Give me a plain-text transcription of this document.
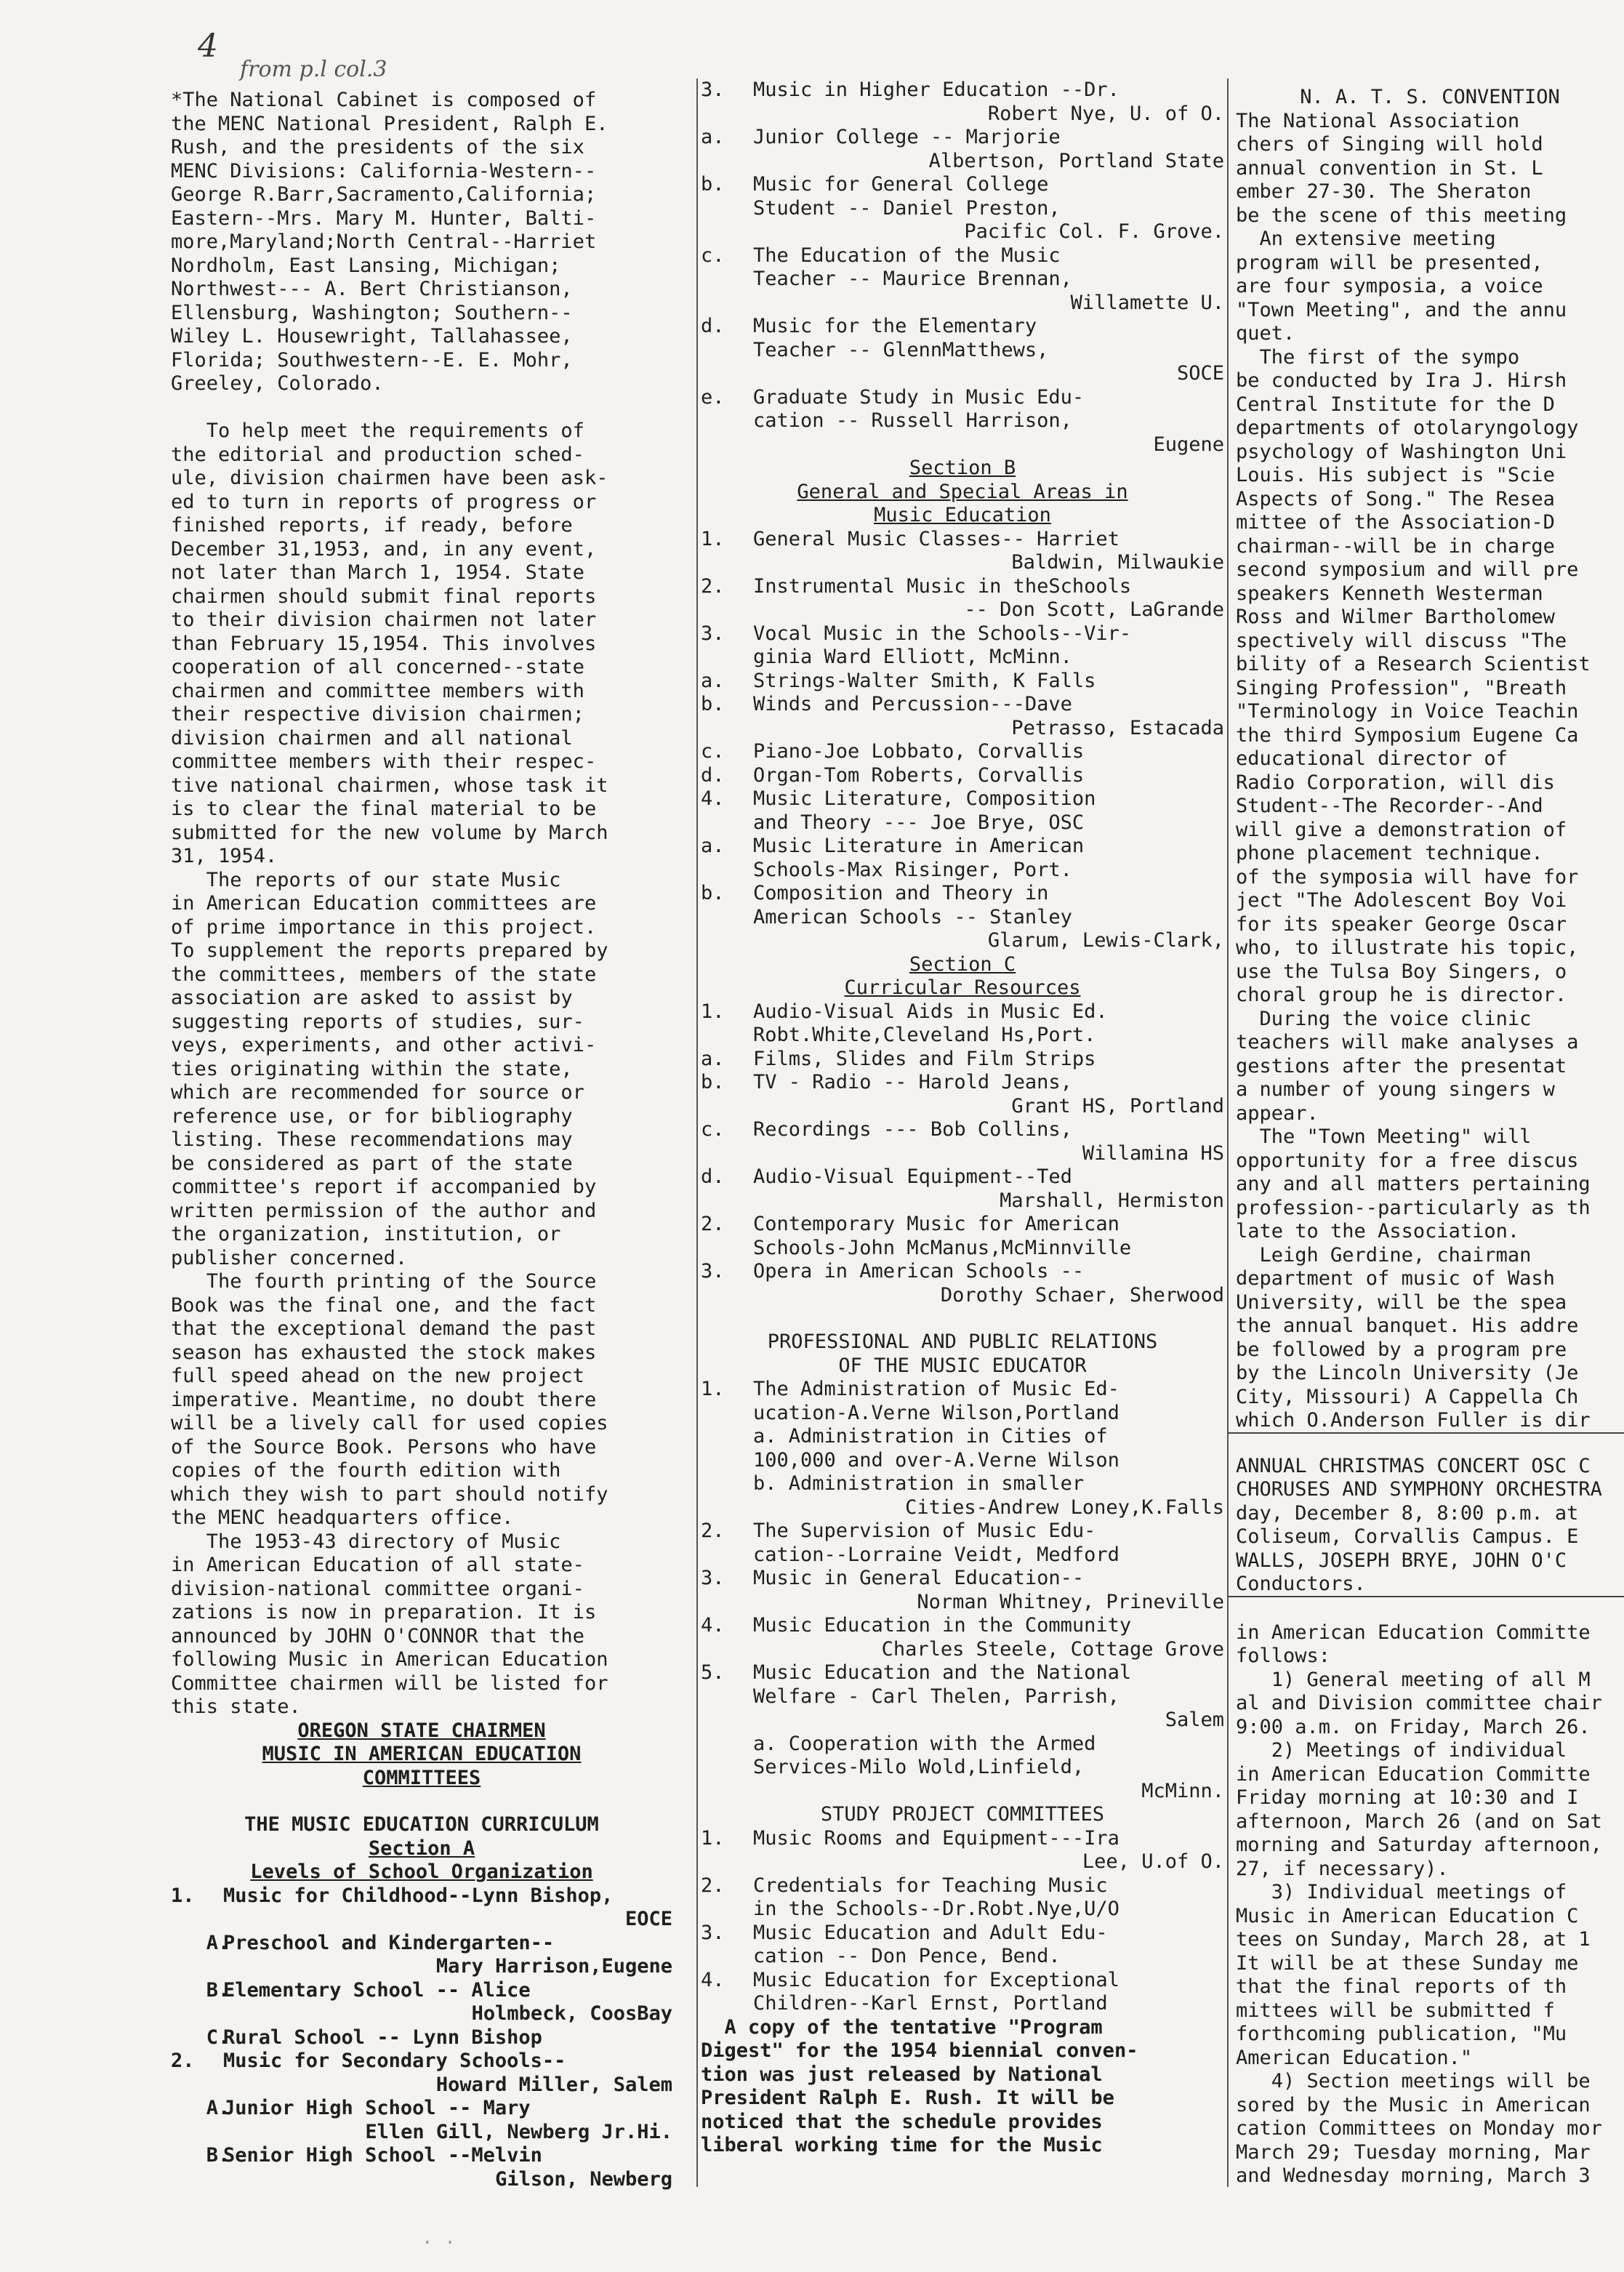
4
from p.l col.3
*The National Cabinet is composed of
the MENC National President, Ralph E.
Rush, and the presidents of the six
MENC Divisions: California-Western--
George R.Barr,Sacramento,California;
Eastern--Mrs. Mary M. Hunter, Balti-
more,Maryland;North Central--Harriet
Nordholm, East Lansing, Michigan;
Northwest--- A. Bert Christianson,
Ellensburg, Washington; Southern--
Wiley L. Housewright, Tallahassee,
Florida; Southwestern--E. E. Mohr,
Greeley, Colorado.

To help meet the requirements of
the editorial and production sched-
ule, division chairmen have been ask-
ed to turn in reports of progress or
finished reports, if ready, before
December 31,1953, and, in any event,
not later than March 1, 1954. State
chairmen should submit final reports
to their division chairmen not later
than February 15,1954. This involves
cooperation of all concerned--state
chairmen and committee members with
their respective division chairmen;
division chairmen and all national
committee members with their respec-
tive national chairmen, whose task it
is to clear the final material to be
submitted for the new volume by March
31, 1954.
The reports of our state Music
in American Education committees are
of prime importance in this project.
To supplement the reports prepared by
the committees, members of the state
association are asked to assist by
suggesting reports of studies, sur-
veys, experiments, and other activi-
ties originating within the state,
which are recommended for source or
reference use, or for bibliography
listing. These recommendations may
be considered as part of the state
committee's report if accompanied by
written permission of the author and
the organization, institution, or
publisher concerned.
The fourth printing of the Source
Book was the final one, and the fact
that the exceptional demand the past
season has exhausted the stock makes
full speed ahead on the new project
imperative. Meantime, no doubt there
will be a lively call for used copies
of the Source Book. Persons who have
copies of the fourth edition with
which they wish to part should notify
the MENC headquarters office.
The 1953-43 directory of Music
in American Education of all state-
division-national committee organi-
zations is now in preparation. It is
announced by JOHN O'CONNOR that the
following Music in American Education
Committee chairmen will be listed for
this state.
OREGON STATE CHAIRMEN
MUSIC IN AMERICAN EDUCATION
COMMITTEES
THE MUSIC EDUCATION CURRICULUM
Section A
Levels of School Organization
1.	Music for Childhood--Lynn Bishop,
EOCE
A.
Preschool and Kindergarten--
Mary Harrison,Eugene
B.
Elementary School -- Alice
Holmbeck, CoosBay
C.
Rural School -- Lynn Bishop
2.	Music for Secondary Schools--
Howard Miller, Salem
A.
Junior High School -- Mary
Ellen Gill, Newberg Jr.Hi.
B.
Senior High School --Melvin
Gilson, Newberg
3.	Music in Higher Education --Dr.
Robert Nye, U. of O.
a.	Junior College -- Marjorie
Albertson, Portland State
b.	Music for General College
Student -- Daniel Preston,
Pacific Col. F. Grove.
c.	The Education of the Music
Teacher -- Maurice Brennan,
Willamette U.
d.	Music for the Elementary
Teacher -- GlennMatthews,
SOCE
e.	Graduate Study in Music Edu-
cation -- Russell Harrison,
Eugene
Section B
General and Special Areas in
Music Education
1.	General Music Classes-- Harriet
Baldwin, Milwaukie
2.	Instrumental Music in theSchools
-- Don Scott, LaGrande
3.	Vocal Music in the Schools--Vir-
ginia Ward Elliott, McMinn.
a.	Strings-Walter Smith, K Falls
b.	Winds and Percussion---Dave
Petrasso, Estacada
c.	Piano-Joe Lobbato, Corvallis
d.	Organ-Tom Roberts, Corvallis
4.	Music Literature, Composition
and Theory --- Joe Brye, OSC
a.	Music Literature in American
Schools-Max Risinger, Port.
b.	Composition and Theory in
American Schools -- Stanley
Glarum, Lewis-Clark,
Section C
Curricular Resources
1.	Audio-Visual Aids in Music Ed.
Robt.White,Cleveland Hs,Port.
a.	Films, Slides and Film Strips
b.	TV - Radio -- Harold Jeans,
Grant HS, Portland
c.	Recordings --- Bob Collins,
Willamina HS
d.	Audio-Visual Equipment--Ted
Marshall, Hermiston
2.	Contemporary Music for American
Schools-John McManus,McMinnville
3.	Opera in American Schools --
Dorothy Schaer, Sherwood
PROFESSIONAL AND PUBLIC RELATIONS
OF THE MUSIC EDUCATOR
1.	The Administration of Music Ed-
ucation-A.Verne Wilson,Portland
a. Administration in Cities of
100,000 and over-A.Verne Wilson
b. Administration in smaller
Cities-Andrew Loney,K.Falls
2.	The Supervision of Music Edu-
cation--Lorraine Veidt, Medford
3.	Music in General Education--
Norman Whitney, Prineville
4.	Music Education in the Community
Charles Steele, Cottage Grove
5.	Music Education and the National
Welfare - Carl Thelen, Parrish,
Salem
a. Cooperation with the Armed
Services-Milo Wold,Linfield,
McMinn.
STUDY PROJECT COMMITTEES
1.	Music Rooms and Equipment---Ira
Lee, U.of O.
2.	Credentials for Teaching Music
in the Schools--Dr.Robt.Nye,U/O
3.	Music Education and Adult Edu-
cation -- Don Pence, Bend.
4.	Music Education for Exceptional
Children--Karl Ernst, Portland
A copy of the tentative "Program
Digest" for the 1954 biennial conven-
tion was just released by National
President Ralph E. Rush. It will be
noticed that the schedule provides
liberal working time for the Music
N. A. T. S. CONVENTION
The National Association
chers of Singing will hold
annual convention in St. L
ember 27-30. The Sheraton
be the scene of this meeting
An extensive meeting
program will be presented,
are four symposia, a voice
"Town Meeting", and the annu
quet.
The first of the sympo
be conducted by Ira J. Hirsh
Central Institute for the D
departments of otolaryngology
psychology of Washington Uni
Louis. His subject is "Scie
Aspects of Song." The Resea
mittee of the Association-D
chairman--will be in charge
second symposium and will pre
speakers Kenneth Westerman
Ross and Wilmer Bartholomew
spectively will discuss "The
bility of a Research Scientist
Singing Profession", "Breath
"Terminology in Voice Teachin
the third Symposium Eugene Ca
educational director of
Radio Corporation, will dis
Student--The Recorder--And
will give a demonstration of
phone placement technique.
of the symposia will have for
ject "The Adolescent Boy Voi
for its speaker George Oscar
who, to illustrate his topic,
use the Tulsa Boy Singers, o
choral group he is director.
During the voice clinic
teachers will make analyses a
gestions after the presentat
a number of young singers w
appear.
The "Town Meeting" will
opportunity for a free discus
any and all matters pertaining
profession--particularly as th
late to the Association.
Leigh Gerdine, chairman
department of music of Wash
University, will be the spea
the annual banquet. His addre
be followed by a program pre
by the Lincoln University (Je
City, Missouri) A Cappella Ch
which O.Anderson Fuller is dir
ANNUAL CHRISTMAS CONCERT OSC C
CHORUSES AND SYMPHONY ORCHESTRA
day, December 8, 8:00 p.m. at
Coliseum, Corvallis Campus. E
WALLS, JOSEPH BRYE, JOHN O'C
Conductors.
in American Education Committe
follows:
1) General meeting of all M
al and Division committee chair
9:00 a.m. on Friday, March 26.
2) Meetings of individual
in American Education Committe
Friday morning at 10:30 and I
afternoon, March 26 (and on Sat
morning and Saturday afternoon,
27, if necessary).
3) Individual meetings of
Music in American Education C
tees on Sunday, March 28, at 1
It will be at these Sunday me
that the final reports of th
mittees will be submitted f
forthcoming publication, "Mu
American Education."
4) Section meetings will be
sored by the Music in American
cation Committees on Monday mor
March 29; Tuesday morning, Mar
and Wednesday morning, March 3
· ·
